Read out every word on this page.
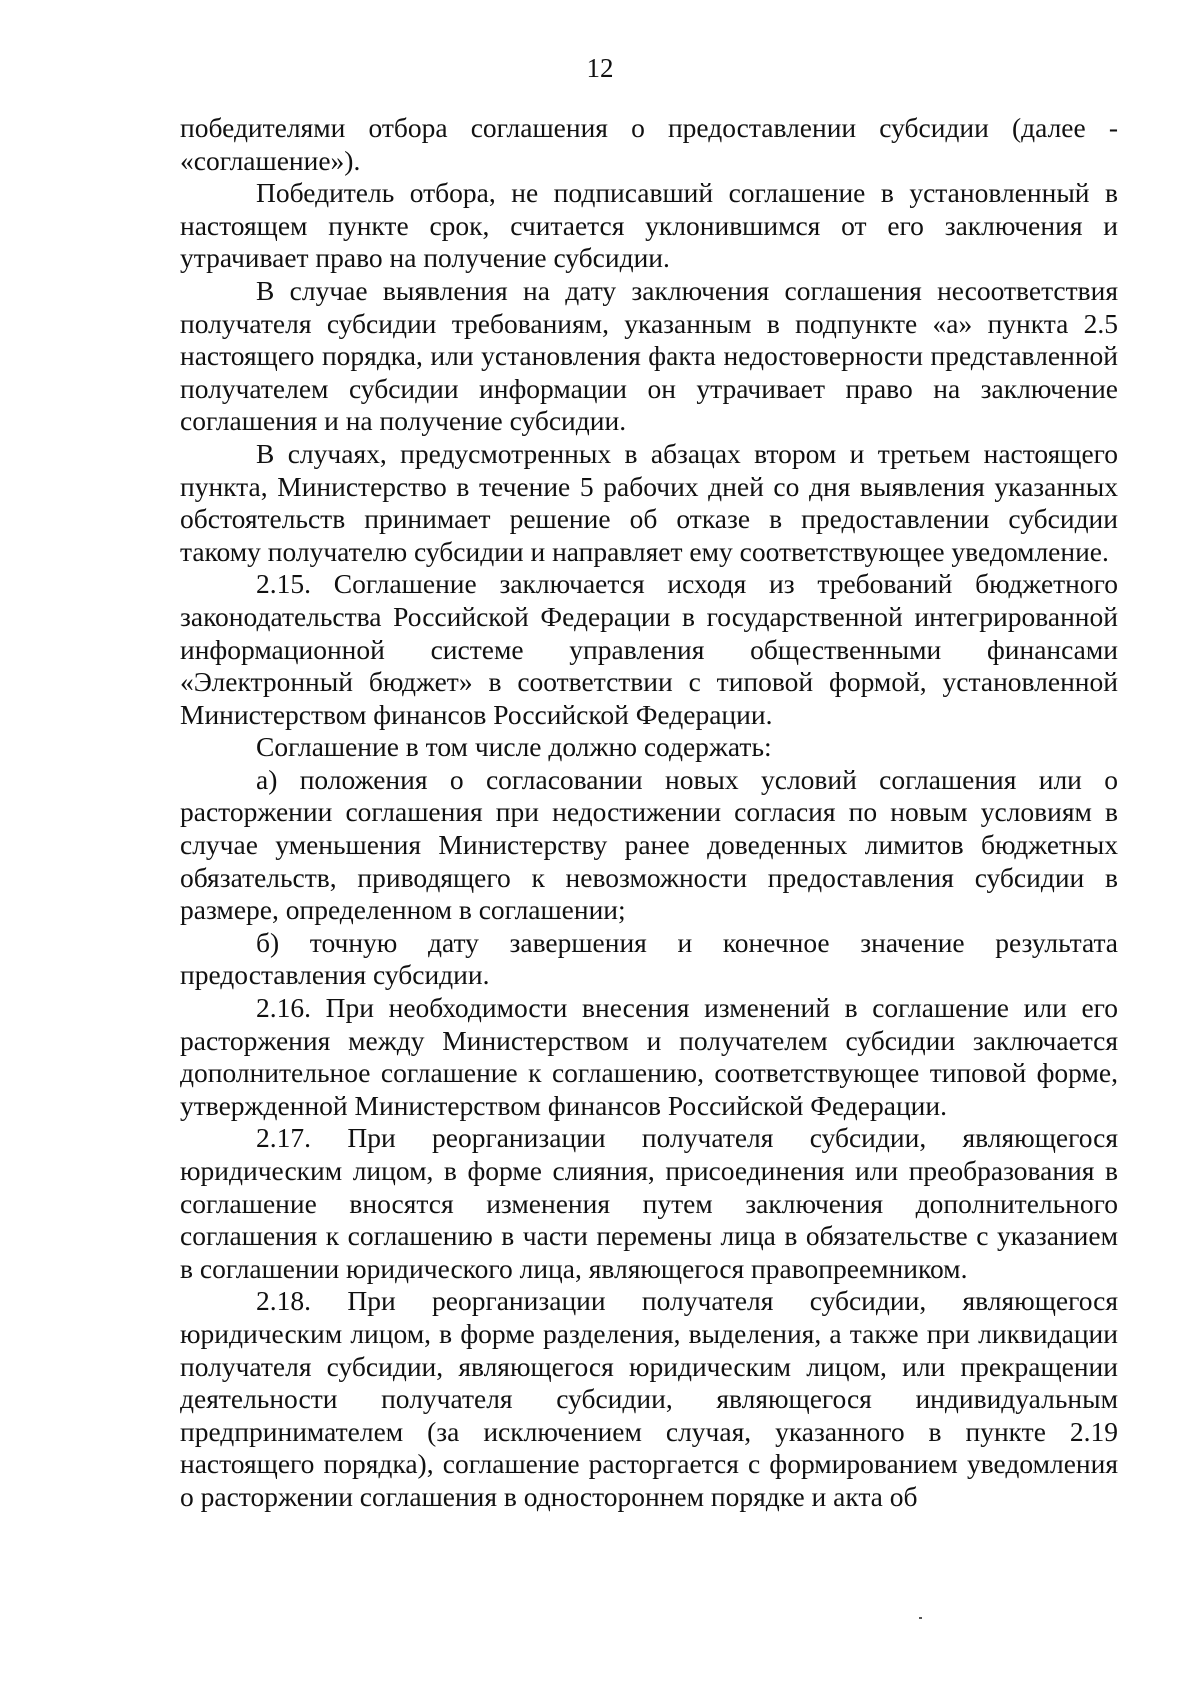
12

победителями отбора соглашения о предоставлении субсидии (далее - «соглашение»).

Победитель отбора, не подписавший соглашение в установленный в настоящем пункте срок, считается уклонившимся от его заключения и утрачивает право на получение субсидии.

В случае выявления на дату заключения соглашения несоответствия получателя субсидии требованиям, указанным в подпункте «а» пункта 2.5 настоящего порядка, или установления факта недостоверности представленной получателем субсидии информации он утрачивает право на заключение соглашения и на получение субсидии.

В случаях, предусмотренных в абзацах втором и третьем настоящего пункта, Министерство в течение 5 рабочих дней со дня выявления указанных обстоятельств принимает решение об отказе в предоставлении субсидии такому получателю субсидии и направляет ему соответствующее уведомление.

2.15. Соглашение заключается исходя из требований бюджетного законодательства Российской Федерации в государственной интегрированной информационной системе управления общественными финансами «Электронный бюджет» в соответствии с типовой формой, установленной Министерством финансов Российской Федерации.

Соглашение в том числе должно содержать:

а) положения о согласовании новых условий соглашения или о расторжении соглашения при недостижении согласия по новым условиям в случае уменьшения Министерству ранее доведенных лимитов бюджетных обязательств, приводящего к невозможности предоставления субсидии в размере, определенном в соглашении;

б) точную дату завершения и конечное значение результата предоставления субсидии.

2.16. При необходимости внесения изменений в соглашение или его расторжения между Министерством и получателем субсидии заключается дополнительное соглашение к соглашению, соответствующее типовой форме, утвержденной Министерством финансов Российской Федерации.

2.17. При реорганизации получателя субсидии, являющегося юридическим лицом, в форме слияния, присоединения или преобразования в соглашение вносятся изменения путем заключения дополнительного соглашения к соглашению в части перемены лица в обязательстве с указанием в соглашении юридического лица, являющегося правопреемником.

2.18. При реорганизации получателя субсидии, являющегося юридическим лицом, в форме разделения, выделения, а также при ликвидации получателя субсидии, являющегося юридическим лицом, или прекращении деятельности получателя субсидии, являющегося индивидуальным предпринимателем (за исключением случая, указанного в пункте 2.19 настоящего порядка), соглашение расторгается с формированием уведомления о расторжении соглашения в одностороннем порядке и акта об
